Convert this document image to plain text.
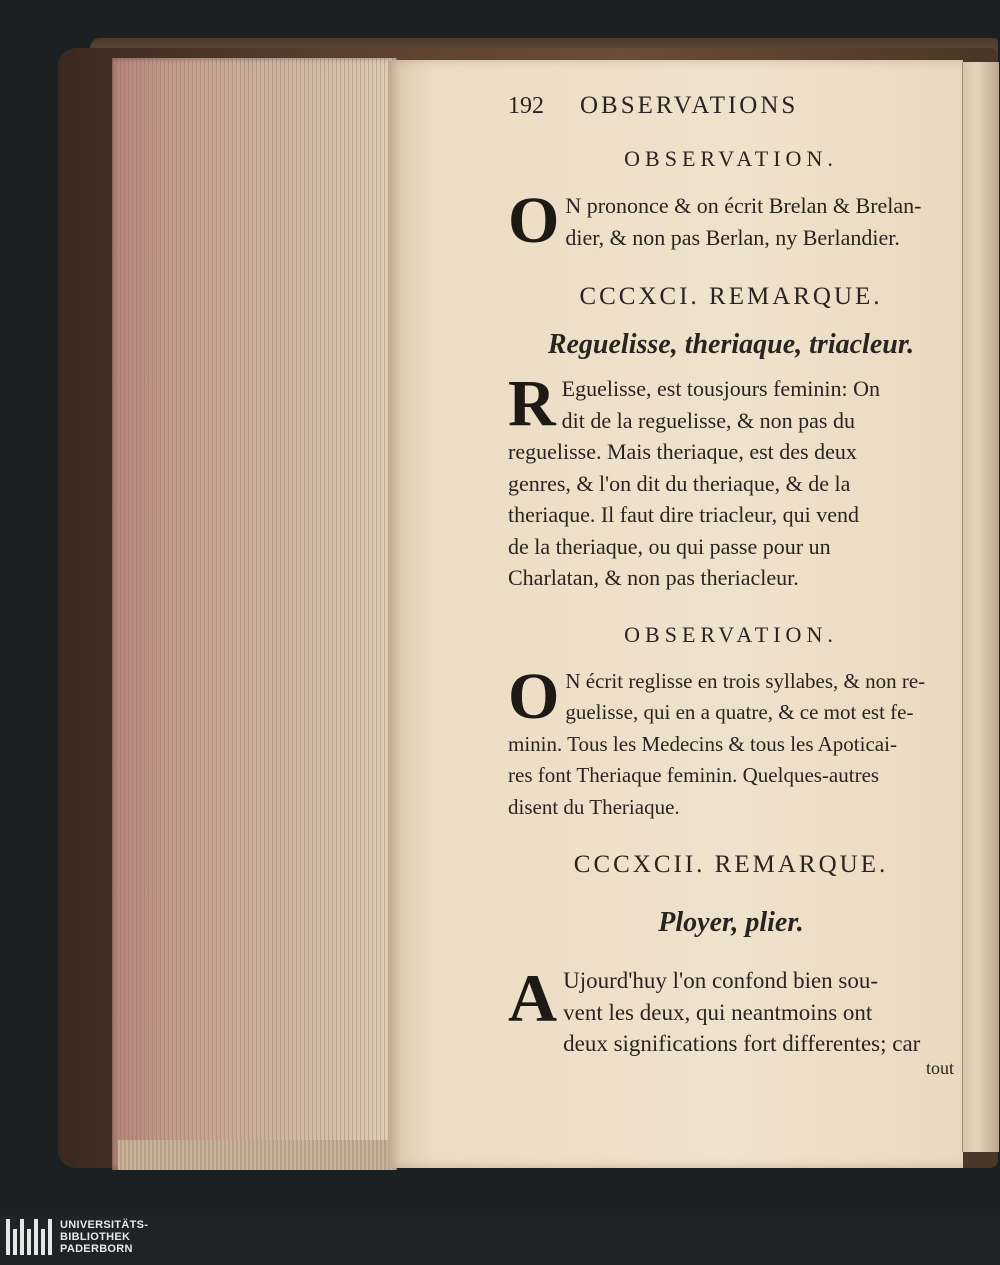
192 OBSERVATIONS
OBSERVATION.
O N prononce & on écrit Brelan & Brelan-
dier, & non pas Berlan, ny Berlandier.
CCCXCI. REMARQUE.
Reguelisse, theriaque, triacleur.
R Eguelisse, est tousjours feminin: On
dit de la reguelisse, & non pas du
reguelisse. Mais theriaque, est des deux
genres, & l'on dit du theriaque, & de la
theriaque. Il faut dire triacleur, qui vend
de la theriaque, ou qui passe pour un
Charlatan, & non pas theriacleur.
OBSERVATION.
O N écrit reglisse en trois syllabes, & non re-
guelisse, qui en a quatre, & ce mot est fe-
minin. Tous les Medecins & tous les Apoticai-
res font Theriaque feminin. Quelques-autres
disent du Theriaque.
CCCXCII. REMARQUE.
Ployer, plier.
A Ujourd'huy l'on confond bien sou-
vent les deux, qui neantmoins ont
deux significations fort differentes; car
tout
UNIVERSITÄTS-
BIBLIOTHEK
PADERBORN
